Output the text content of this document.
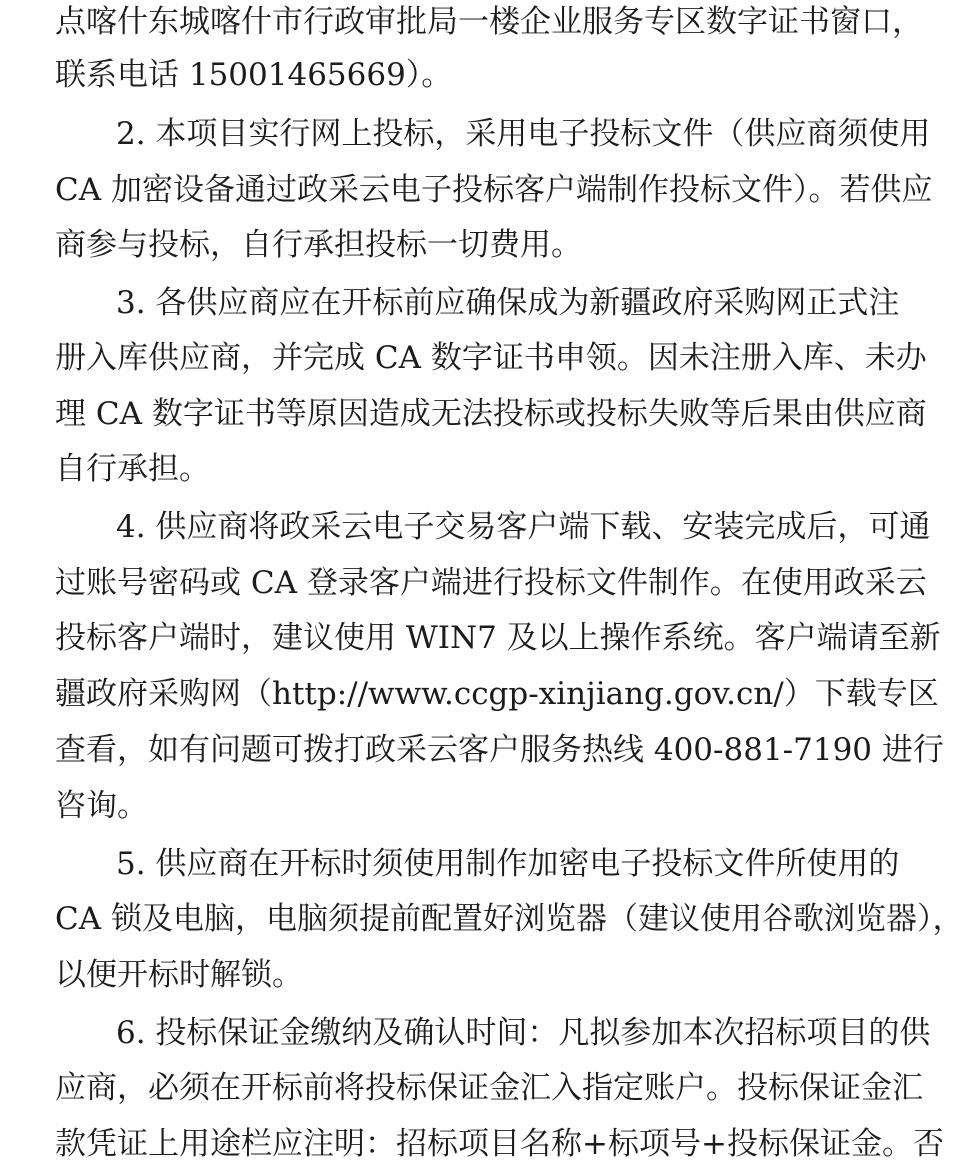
点喀什东城喀什市行政审批局一楼企业服务专区数字证书窗口，
联系电话 15001465669）。
2. 本项目实行网上投标，采用电子投标文件（供应商须使用
CA 加密设备通过政采云电子投标客户端制作投标文件）。若供应
商参与投标，自行承担投标一切费用。
3. 各供应商应在开标前应确保成为新疆政府采购网正式注
册入库供应商，并完成 CA 数字证书申领。因未注册入库、未办
理 CA 数字证书等原因造成无法投标或投标失败等后果由供应商
自行承担。
4. 供应商将政采云电子交易客户端下载、安装完成后，可通
过账号密码或 CA 登录客户端进行投标文件制作。在使用政采云
投标客户端时，建议使用 WIN7 及以上操作系统。客户端请至新
疆政府采购网（http://www.ccgp-xinjiang.gov.cn/）下载专区
查看，如有问题可拨打政采云客户服务热线 400-881-7190 进行
咨询。
5. 供应商在开标时须使用制作加密电子投标文件所使用的
CA 锁及电脑，电脑须提前配置好浏览器（建议使用谷歌浏览器），
以便开标时解锁。
6. 投标保证金缴纳及确认时间：凡拟参加本次招标项目的供
应商，必须在开标前将投标保证金汇入指定账户。投标保证金汇
款凭证上用途栏应注明：招标项目名称+标项号+投标保证金。否
